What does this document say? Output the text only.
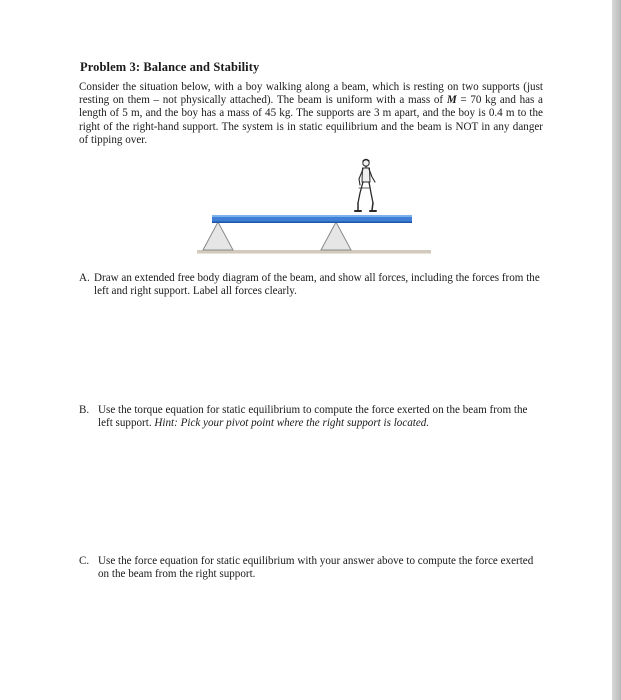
Problem 3: Balance and Stability

Consider the situation below, with a boy walking along a beam, which is resting on two supports (just resting on them – not physically attached). The beam is uniform with a mass of M = 70 kg and has a length of 5 m, and the boy has a mass of 45 kg. The supports are 3 m apart, and the boy is 0.4 m to the right of the right-hand support. The system is in static equilibrium and the beam is NOT in any danger of tipping over.

A. Draw an extended free body diagram of the beam, and show all forces, including the forces from the left and right support. Label all forces clearly.
B. Use the torque equation for static equilibrium to compute the force exerted on the beam from the left support. Hint: Pick your pivot point where the right support is located.
C. Use the force equation for static equilibrium with your answer above to compute the force exerted on the beam from the right support.
